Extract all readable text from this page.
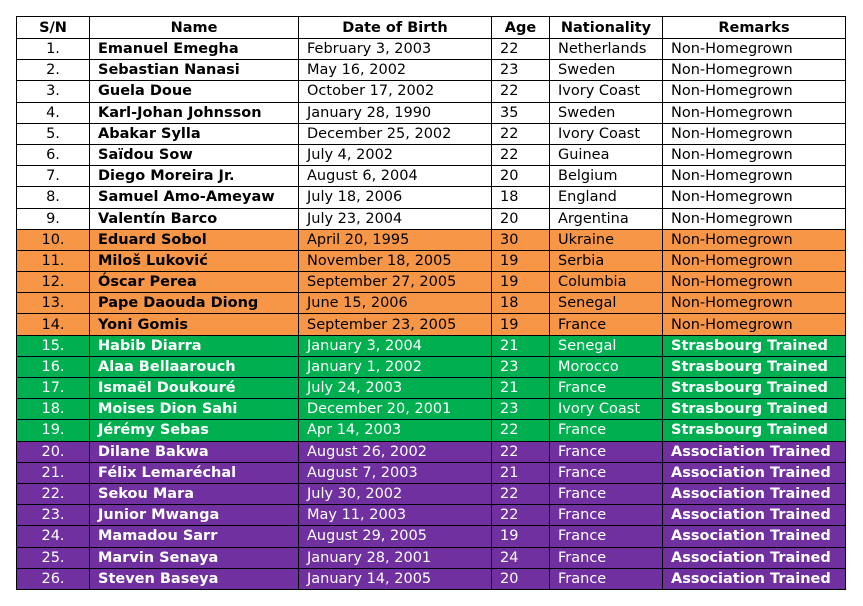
S/N	Name	Date of Birth	Age	Nationality	Remarks
1.	Emanuel Emegha	February 3, 2003	22	Netherlands	Non-Homegrown
2.	Sebastian Nanasi	May 16, 2002	23	Sweden	Non-Homegrown
3.	Guela Doue	October 17, 2002	22	Ivory Coast	Non-Homegrown
4.	Karl-Johan Johnsson	January 28, 1990	35	Sweden	Non-Homegrown
5.	Abakar Sylla	December 25, 2002	22	Ivory Coast	Non-Homegrown
6.	Saïdou Sow	July 4, 2002	22	Guinea	Non-Homegrown
7.	Diego Moreira Jr.	August 6, 2004	20	Belgium	Non-Homegrown
8.	Samuel Amo-Ameyaw	July 18, 2006	18	England	Non-Homegrown
9.	Valentín Barco	July 23, 2004	20	Argentina	Non-Homegrown
10.	Eduard Sobol	April 20, 1995	30	Ukraine	Non-Homegrown
11.	Miloš Luković	November 18, 2005	19	Serbia	Non-Homegrown
12.	Óscar Perea	September 27, 2005	19	Columbia	Non-Homegrown
13.	Pape Daouda Diong	June 15, 2006	18	Senegal	Non-Homegrown
14.	Yoni Gomis	September 23, 2005	19	France	Non-Homegrown
15.	Habib Diarra	January 3, 2004	21	Senegal	Strasbourg Trained
16.	Alaa Bellaarouch	January 1, 2002	23	Morocco	Strasbourg Trained
17.	Ismaël Doukouré	July 24, 2003	21	France	Strasbourg Trained
18.	Moises Dion Sahi	December 20, 2001	23	Ivory Coast	Strasbourg Trained
19.	Jérémy Sebas	Apr 14, 2003	22	France	Strasbourg Trained
20.	Dilane Bakwa	August 26, 2002	22	France	Association Trained
21.	Félix Lemaréchal	August 7, 2003	21	France	Association Trained
22.	Sekou Mara	July 30, 2002	22	France	Association Trained
23.	Junior Mwanga	May 11, 2003	22	France	Association Trained
24.	Mamadou Sarr	August 29, 2005	19	France	Association Trained
25.	Marvin Senaya	January 28, 2001	24	France	Association Trained
26.	Steven Baseya	January 14, 2005	20	France	Association Trained
